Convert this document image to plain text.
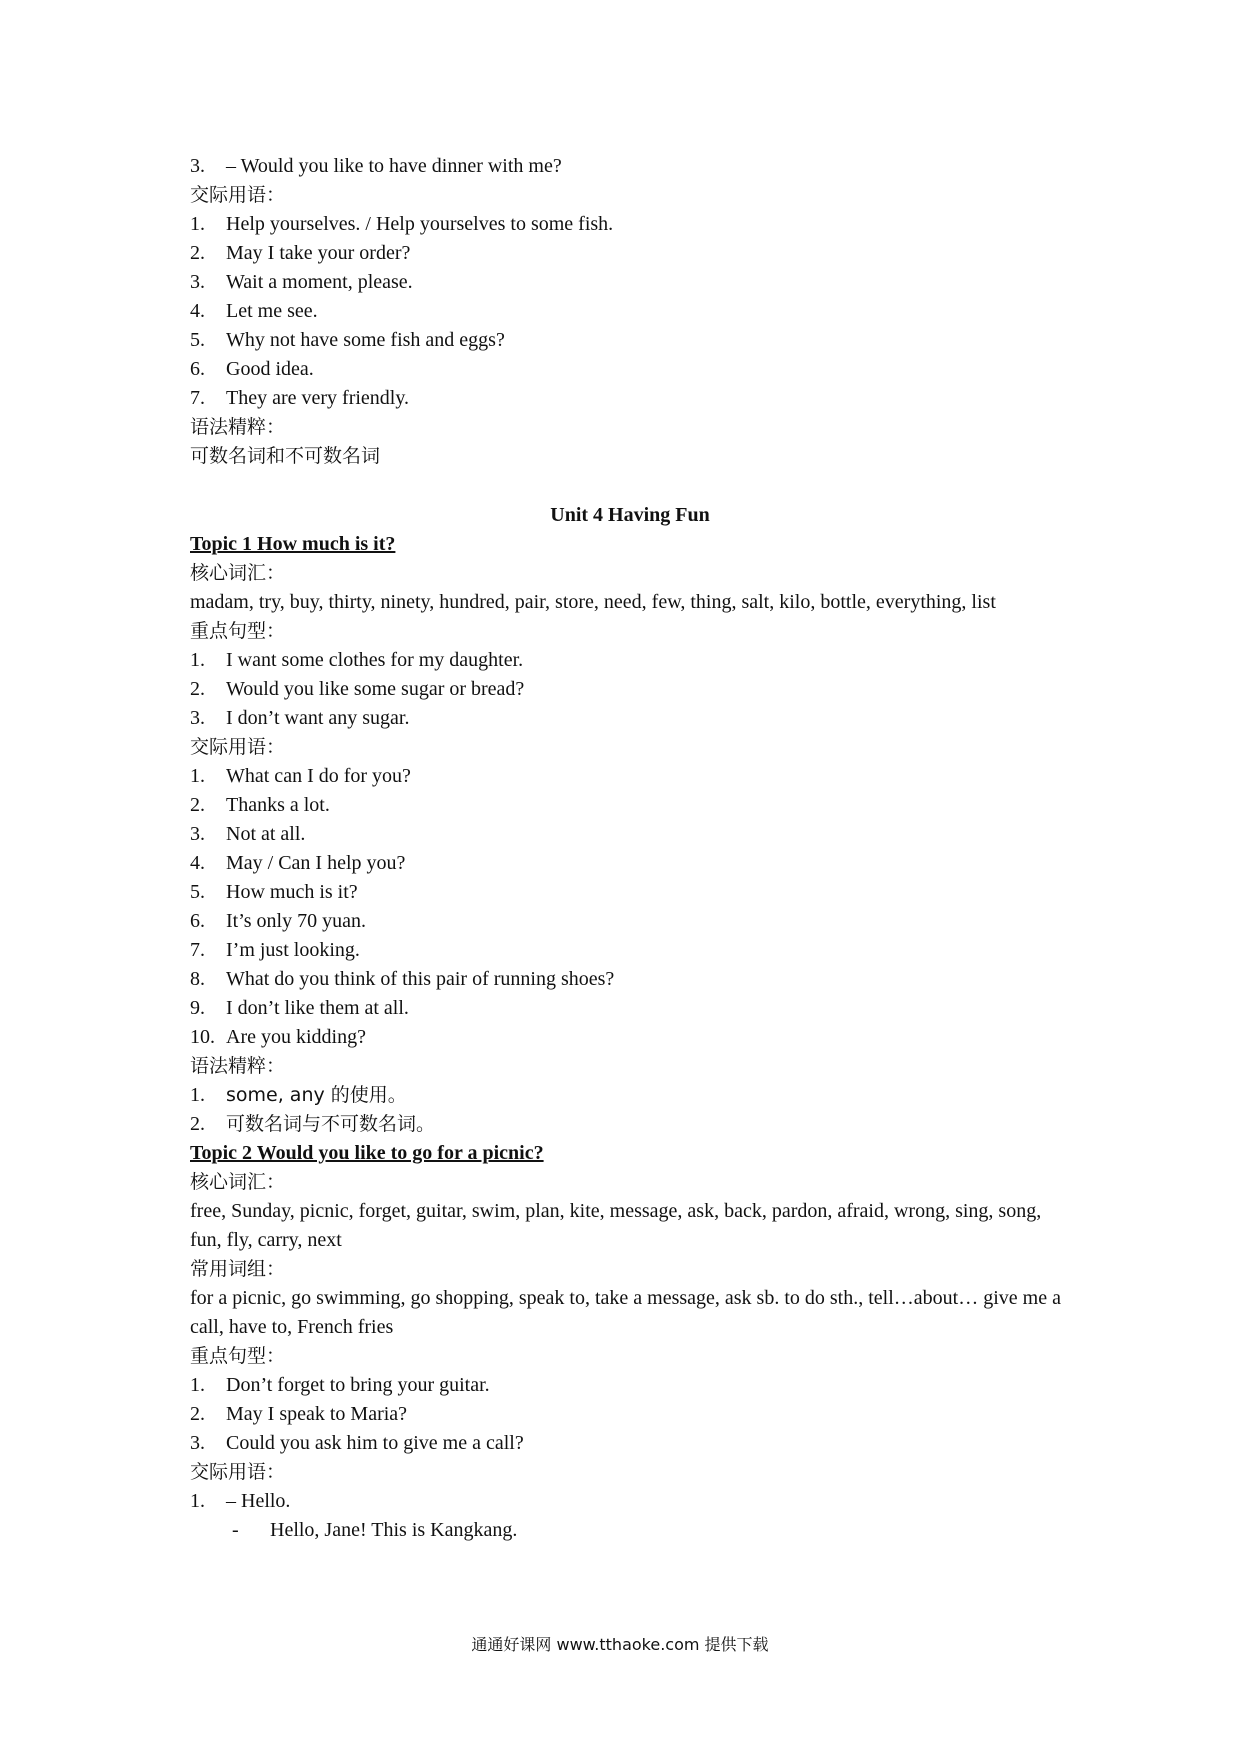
3. – Would you like to have dinner with me?
交际用语：
1. Help yourselves. / Help yourselves to some fish.
2. May I take your order?
3. Wait a moment, please.
4. Let me see.
5. Why not have some fish and eggs?
6. Good idea.
7. They are very friendly.
语法精粹：
可数名词和不可数名词
Unit 4 Having Fun
Topic 1 How much is it?
核心词汇：
madam, try, buy, thirty, ninety, hundred, pair, store, need, few, thing, salt, kilo, bottle, everything, list
重点句型：
1. I want some clothes for my daughter.
2. Would you like some sugar or bread?
3. I don’t want any sugar.
交际用语：
1. What can I do for you?
2. Thanks a lot.
3. Not at all.
4. May / Can I help you?
5. How much is it?
6. It’s only 70 yuan.
7. I’m just looking.
8. What do you think of this pair of running shoes?
9. I don’t like them at all.
10. Are you kidding?
语法精粹：
1. some, any 的使用。
2. 可数名词与不可数名词。
Topic 2 Would you like to go for a picnic?
核心词汇：
free, Sunday, picnic, forget, guitar, swim, plan, kite, message, ask, back, pardon, afraid, wrong, sing, song, fun, fly, carry, next
常用词组：
for a picnic, go swimming, go shopping, speak to, take a message, ask sb. to do sth., tell…about… give me a call, have to, French fries
重点句型：
1. Don’t forget to bring your guitar.
2. May I speak to Maria?
3. Could you ask him to give me a call?
交际用语：
1. – Hello.
- Hello, Jane! This is Kangkang.
通通好课网 www.tthaoke.com 提供下载
